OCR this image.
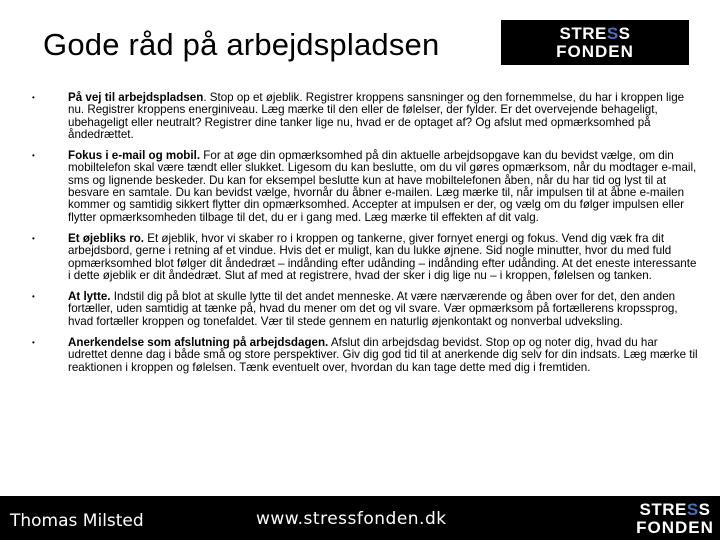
Gode råd på arbejdspladsen	STRESS
FONDEN
•	På vej til arbejdspladsen. Stop op et øjeblik. Registrer kroppens sansninger og den fornemmelse, du har i kroppen lige nu. Registrer kroppens energiniveau. Læg mærke til den eller de følelser, der fylder. Er det overvejende behageligt, ubehageligt eller neutralt? Registrer dine tanker lige nu, hvad er de optaget af? Og afslut med opmærksomhed på åndedrættet.
•	Fokus i e-mail og mobil. For at øge din opmærksomhed på din aktuelle arbejdsopgave kan du bevidst vælge, om din mobiltelefon skal være tændt eller slukket. Ligesom du kan beslutte, om du vil gøres opmærksom, når du modtager e-mail, sms og lignende beskeder. Du kan for eksempel beslutte kun at have mobiltelefonen åben, når du har tid og lyst til at besvare en samtale. Du kan bevidst vælge, hvornår du åbner e-mailen. Læg mærke til, når impulsen til at åbne e-mailen kommer og samtidig sikkert flytter din opmærksomhed. Accepter at impulsen er der, og vælg om du følger impulsen eller flytter opmærksomheden tilbage til det, du er i gang med. Læg mærke til effekten af dit valg.
•	Et øjebliks ro. Et øjeblik, hvor vi skaber ro i kroppen og tankerne, giver fornyet energi og fokus. Vend dig væk fra dit arbejdsbord, gerne i retning af et vindue. Hvis det er muligt, kan du lukke øjnene. Sid nogle minutter, hvor du med fuld opmærksomhed blot følger dit åndedræt – indånding efter udånding – indånding efter udånding. At det eneste interessante i dette øjeblik er dit åndedræt. Slut af med at registrere, hvad der sker i dig lige nu – i kroppen, følelsen og tanken.
•	At lytte. Indstil dig på blot at skulle lytte til det andet menneske. At være nærværende og åben over for det, den anden fortæller, uden samtidig at tænke på, hvad du mener om det og vil svare. Vær opmærksom på fortællerens kropssprog, hvad fortæller kroppen og tonefaldet. Vær til stede gennem en naturlig øjenkontakt og nonverbal udveksling.
•	Anerkendelse som afslutning på arbejdsdagen. Afslut din arbejdsdag bevidst. Stop op og noter dig, hvad du har udrettet denne dag i både små og store perspektiver. Giv dig god tid til at anerkende dig selv for din indsats. Læg mærke til reaktionen i kroppen og følelsen. Tænk eventuelt over, hvordan du kan tage dette med dig i fremtiden.
Thomas Milsted	www.stressfonden.dk	STRESS
FONDEN
